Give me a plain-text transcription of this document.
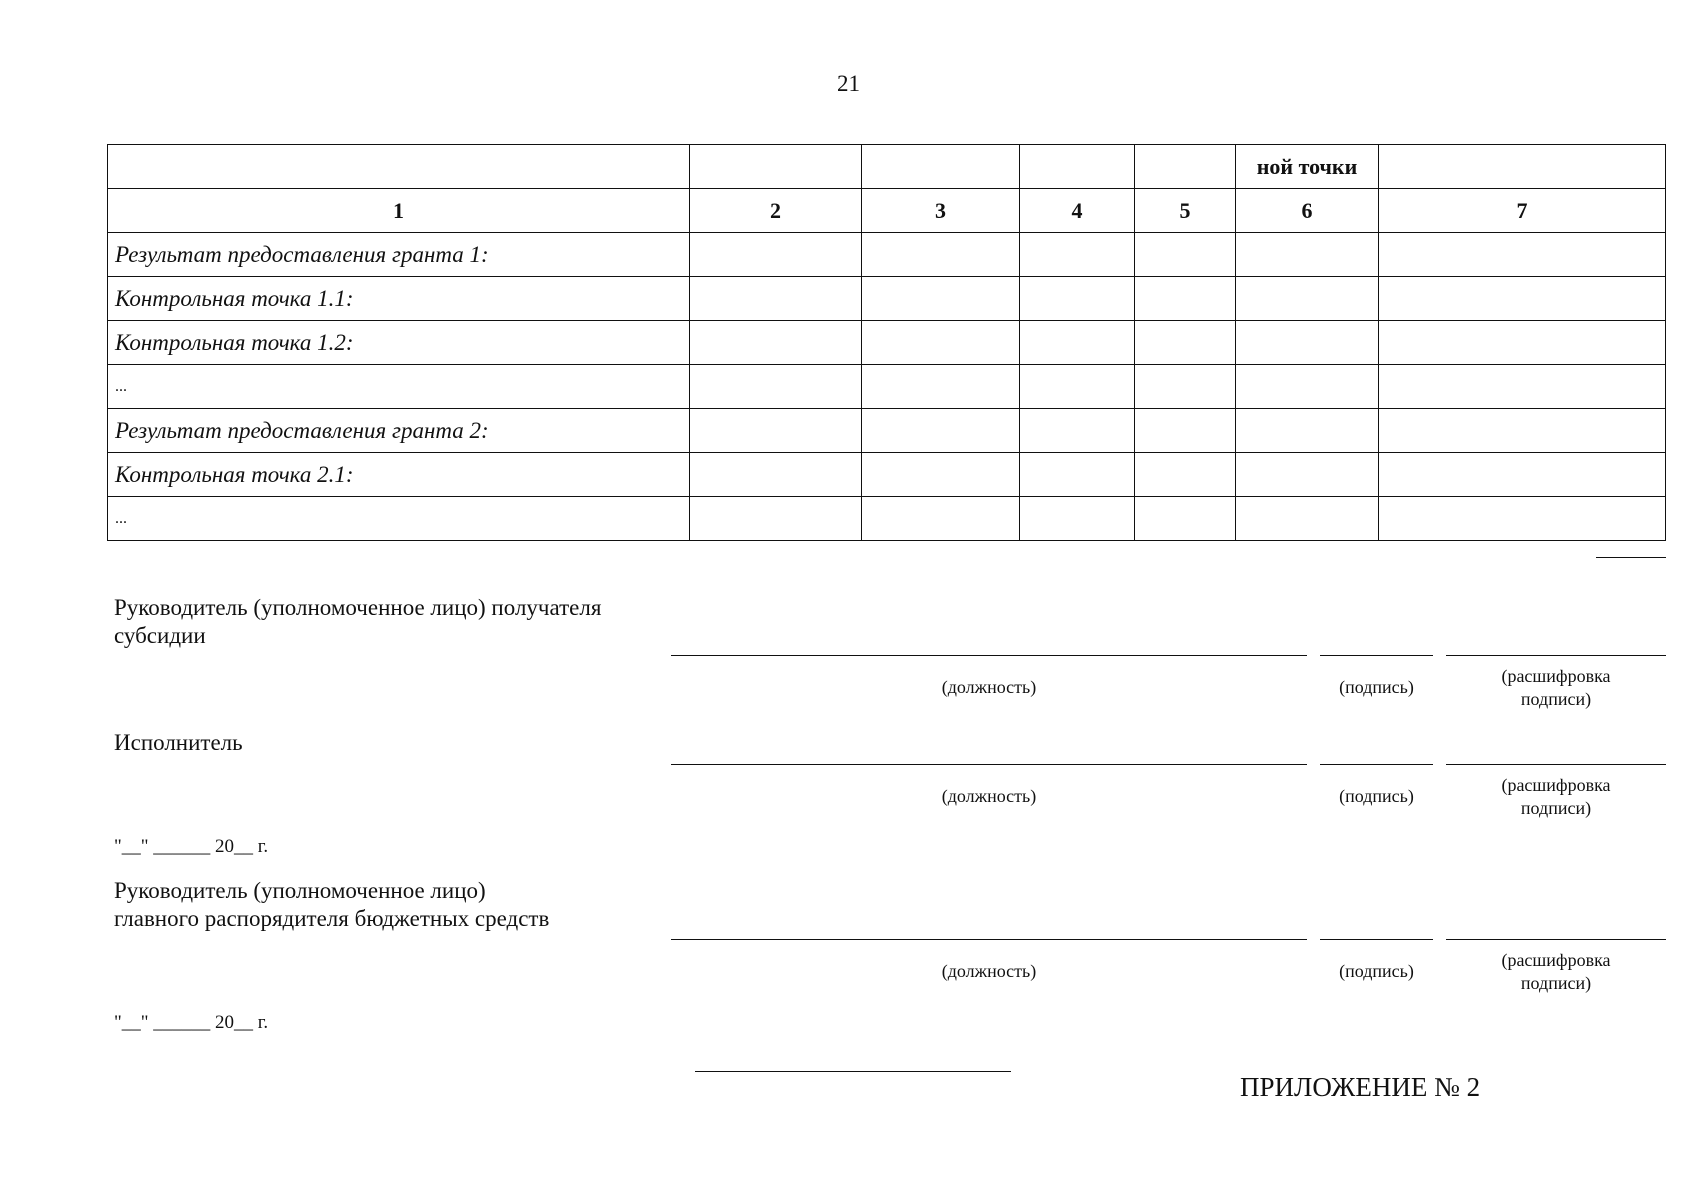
21
					ной точки	
1	2	3	4	5	6	7
Результат предоставления гранта 1:						
Контрольная точка 1.1:						
Контрольная точка 1.2:						
...						
Результат предоставления гранта 2:						
Контрольная точка 2.1:						
...						
Руководитель (уполномоченное лицо) получателя
субсидии
(должность)	(подпись)
(расшифровка
подписи)
Исполнитель
(должность)	(подпись)
(расшифровка
подписи)
"__" ______ 20__ г.
Руководитель (уполномоченное лицо)
главного распорядителя бюджетных средств
(должность)	(подпись)
(расшифровка
подписи)
"__" ______ 20__ г.
ПРИЛОЖЕНИЕ № 2
